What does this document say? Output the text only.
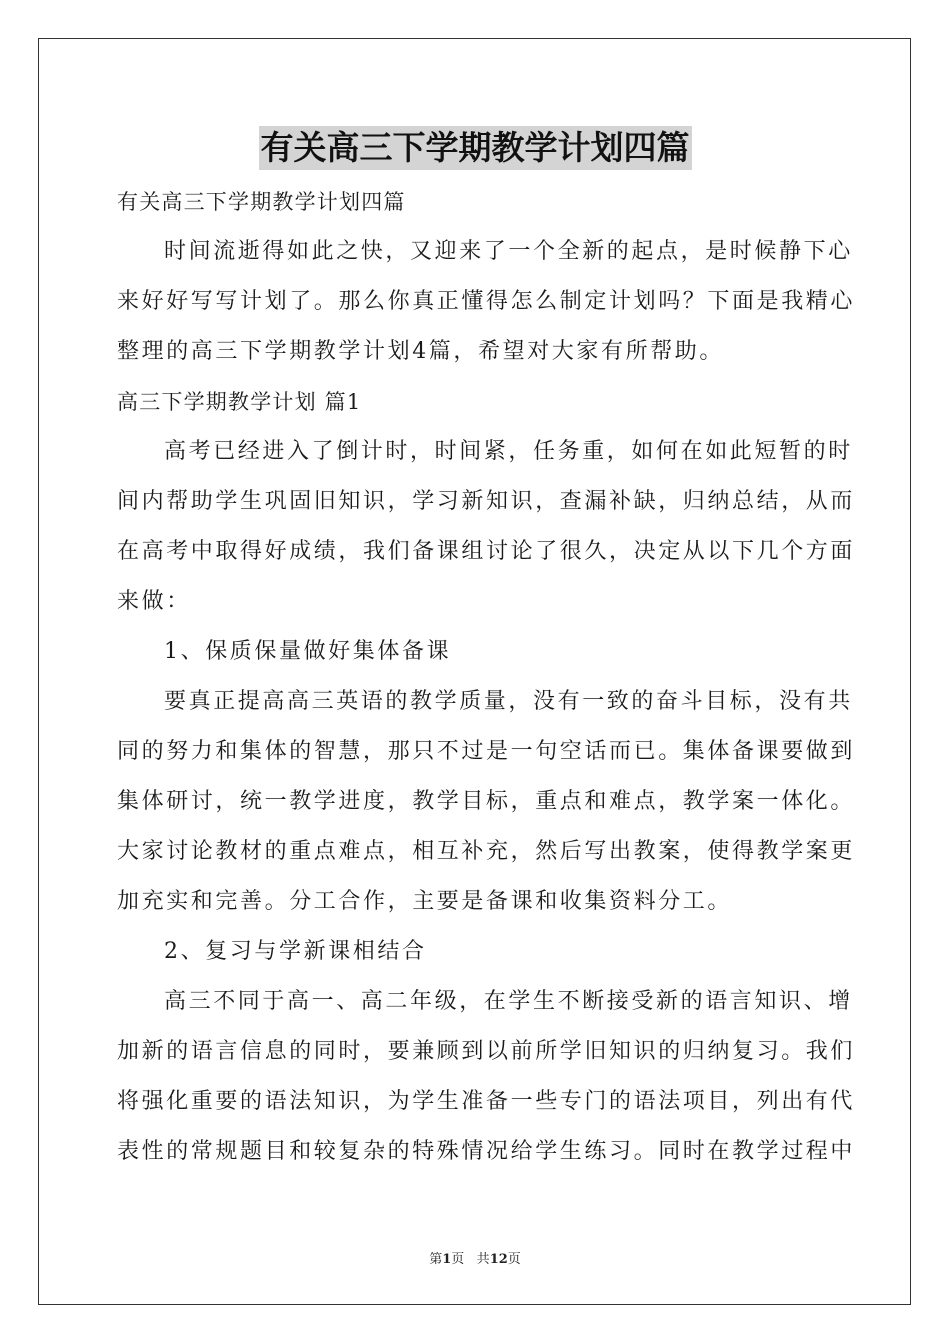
有关高三下学期教学计划四篇
有关高三下学期教学计划四篇
时间流逝得如此之快，又迎来了一个全新的起点，是时候静下心
来好好写写计划了。那么你真正懂得怎么制定计划吗？下面是我精心
整理的高三下学期教学计划4篇，希望对大家有所帮助。
高三下学期教学计划 篇1
高考已经进入了倒计时，时间紧，任务重，如何在如此短暂的时
间内帮助学生巩固旧知识，学习新知识，查漏补缺，归纳总结，从而
在高考中取得好成绩，我们备课组讨论了很久，决定从以下几个方面
来做：
1、保质保量做好集体备课
要真正提高高三英语的教学质量，没有一致的奋斗目标，没有共
同的努力和集体的智慧，那只不过是一句空话而已。集体备课要做到
集体研讨，统一教学进度，教学目标，重点和难点，教学案一体化。
大家讨论教材的重点难点，相互补充，然后写出教案，使得教学案更
加充实和完善。分工合作，主要是备课和收集资料分工。
2、复习与学新课相结合
高三不同于高一、高二年级，在学生不断接受新的语言知识、增
加新的语言信息的同时，要兼顾到以前所学旧知识的归纳复习。我们
将强化重要的语法知识，为学生准备一些专门的语法项目，列出有代
表性的常规题目和较复杂的特殊情况给学生练习。同时在教学过程中
第1页 共12页
